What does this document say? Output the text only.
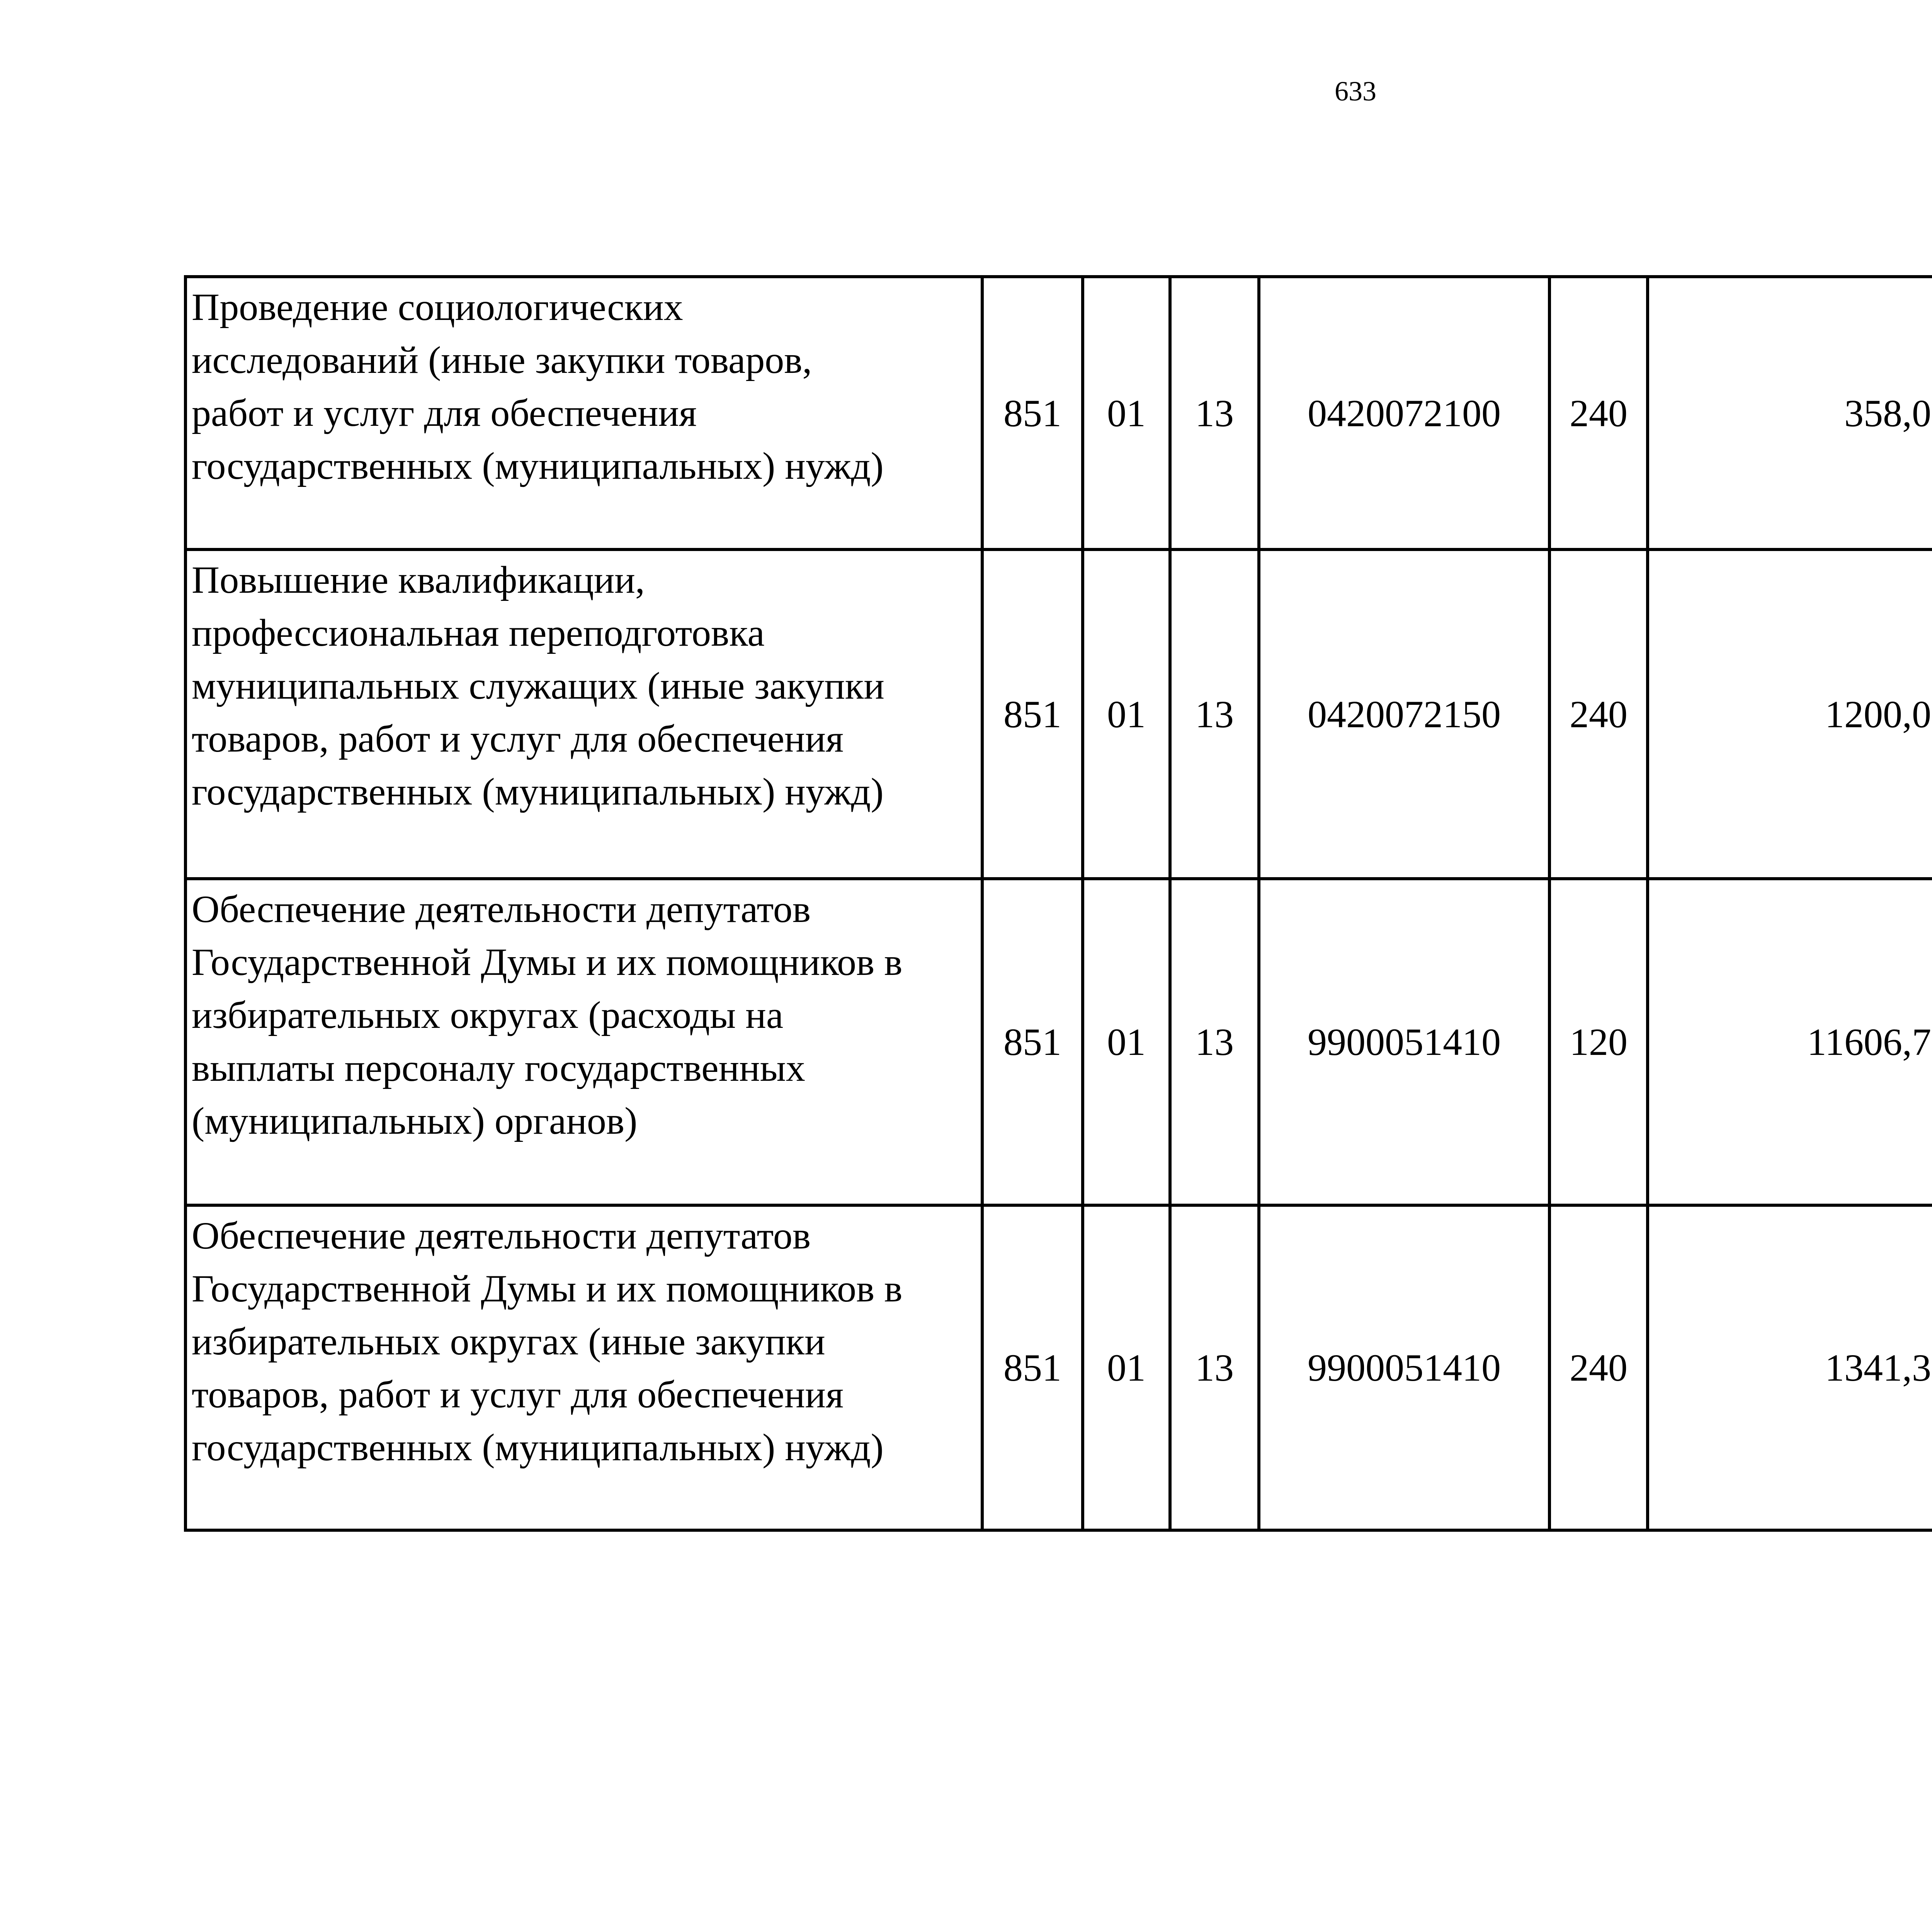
633
Проведение социологических
исследований (иные закупки товаров,
работ и услуг для обеспечения
государственных (муниципальных) нужд)	851	01	13	0420072100	240	358,0		

Повышение квалификации,
профессиональная переподготовка
муниципальных служащих (иные закупки
товаров, работ и услуг для обеспечения
государственных (муниципальных) нужд)	851	01	13	0420072150	240	1200,0		

Обеспечение деятельности депутатов
Государственной Думы и их помощников в
избирательных округах (расходы на
выплаты персоналу государственных
(муниципальных) органов)	851	01	13	9900051410	120	11606,7		

Обеспечение деятельности депутатов
Государственной Думы и их помощников в
избирательных округах (иные закупки
товаров, работ и услуг для обеспечения
государственных (муниципальных) нужд)	851	01	13	9900051410	240	1341,3		
